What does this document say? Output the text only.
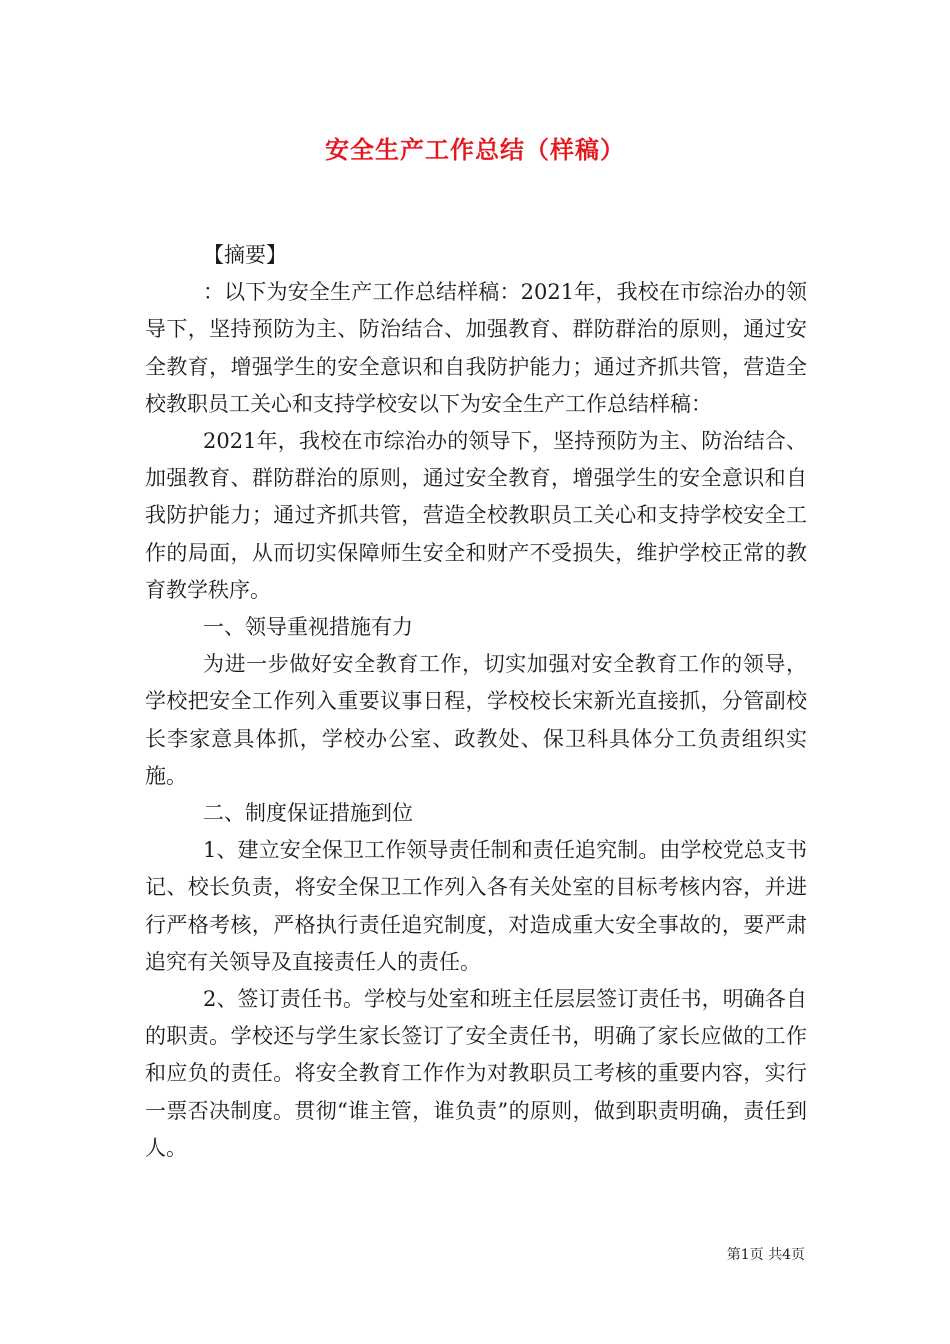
安全生产工作总结（样稿）

【摘要】

：以下为安全生产工作总结样稿：2021年，我校在市综治办的领导下，坚持预防为主、防治结合、加强教育、群防群治的原则，通过安全教育，增强学生的安全意识和自我防护能力；通过齐抓共管，营造全校教职员工关心和支持学校安以下为安全生产工作总结样稿：

2021年，我校在市综治办的领导下，坚持预防为主、防治结合、加强教育、群防群治的原则，通过安全教育，增强学生的安全意识和自我防护能力；通过齐抓共管，营造全校教职员工关心和支持学校安全工作的局面，从而切实保障师生安全和财产不受损失，维护学校正常的教育教学秩序。

一、领导重视措施有力

为进一步做好安全教育工作，切实加强对安全教育工作的领导，学校把安全工作列入重要议事日程，学校校长宋新光直接抓，分管副校长李家意具体抓，学校办公室、政教处、保卫科具体分工负责组织实施。

二、制度保证措施到位

1、建立安全保卫工作领导责任制和责任追究制。由学校党总支书记、校长负责，将安全保卫工作列入各有关处室的目标考核内容，并进行严格考核，严格执行责任追究制度，对造成重大安全事故的，要严肃追究有关领导及直接责任人的责任。

2、签订责任书。学校与处室和班主任层层签订责任书，明确各自的职责。学校还与学生家长签订了安全责任书，明确了家长应做的工作和应负的责任。将安全教育工作作为对教职员工考核的重要内容，实行一票否决制度。贯彻“谁主管，谁负责”的原则，做到职责明确，责任到人。

第1页 共4页
